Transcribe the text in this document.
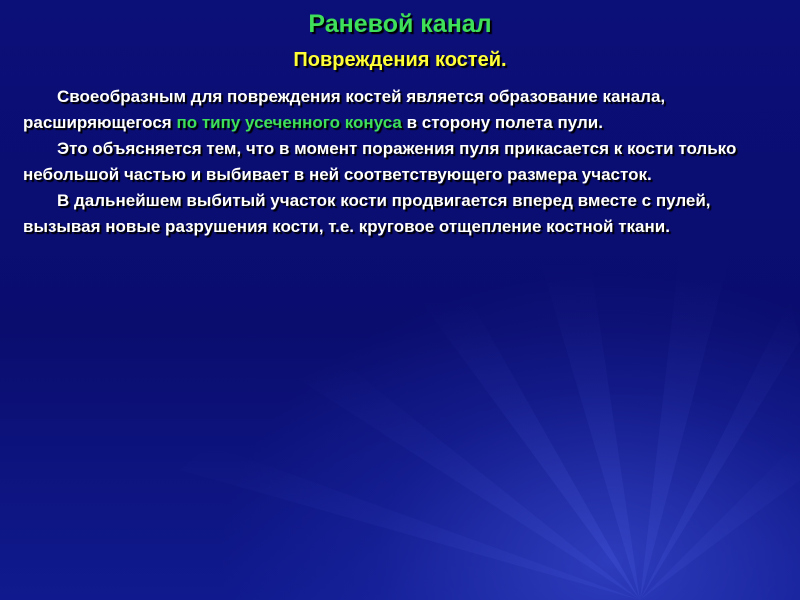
Раневой канал
Повреждения костей.

Своеобразным для повреждения костей является образование канала, расширяющегося по типу усеченного конуса в сторону полета пули.

Это объясняется тем, что в момент поражения пуля прикасается к кости только небольшой частью и выбивает в ней соответствующего размера участок.

В дальнейшем выбитый участок кости продвигается вперед вместе с пулей, вызывая новые разрушения кости, т.е. круговое отщепление костной ткани.
